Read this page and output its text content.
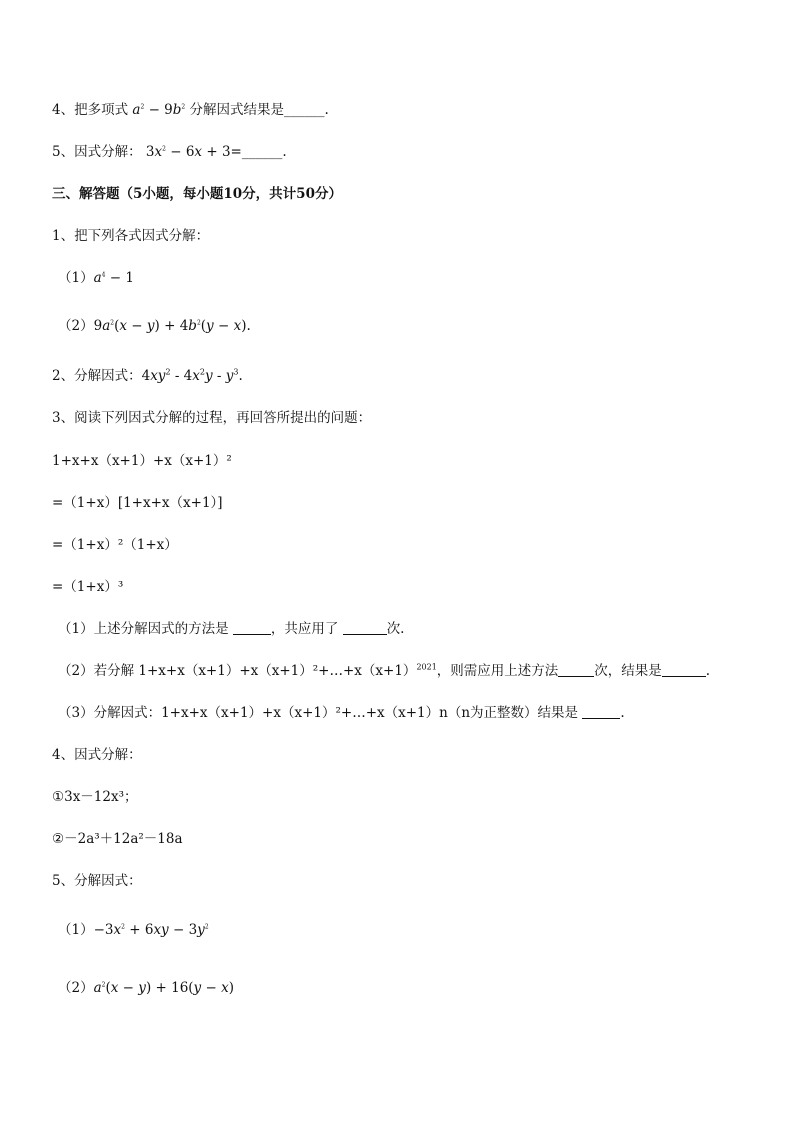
4、把多项式 $a^2 - 9b^2$ 分解因式结果是______.
5、因式分解： $3x^2 - 6x$ + 3=______.
三、解答题（5小题，每小题10分，共计50分）
1、把下列各式因式分解：
$(1)a^4 - 1$
$(2)9a^2(x - y) + 4b^2(y - x)$.
2、分解因式：$4xy^2 - 4x^2y - y^3$.
3、阅读下列因式分解的过程，再回答所提出的问题：
1+x+x（x+1）+x（x+1）²
=（1+x）[1+x+x（x+1）]
=（1+x）²（1+x）
=（1+x）³
（1）上述分解因式的方法是	，共应用了	次.
（2）若分解 $1+x+x(x+1)+x(x+1)^2+\dots+x(x+1)^{2021}$，则需应用上述方法	次，结果是	.
（3）分解因式：1+x+x（x+1）+x（x+1）²+…+x（x+1）n（n为正整数）结果是	.
4、因式分解：
①3x－12x³；
②－2a³＋12a²－18a
5、分解因式：
$(1)-3x^2 + 6xy - 3y^2$
$(2)a^2(x - y) + 16(y - x)$
